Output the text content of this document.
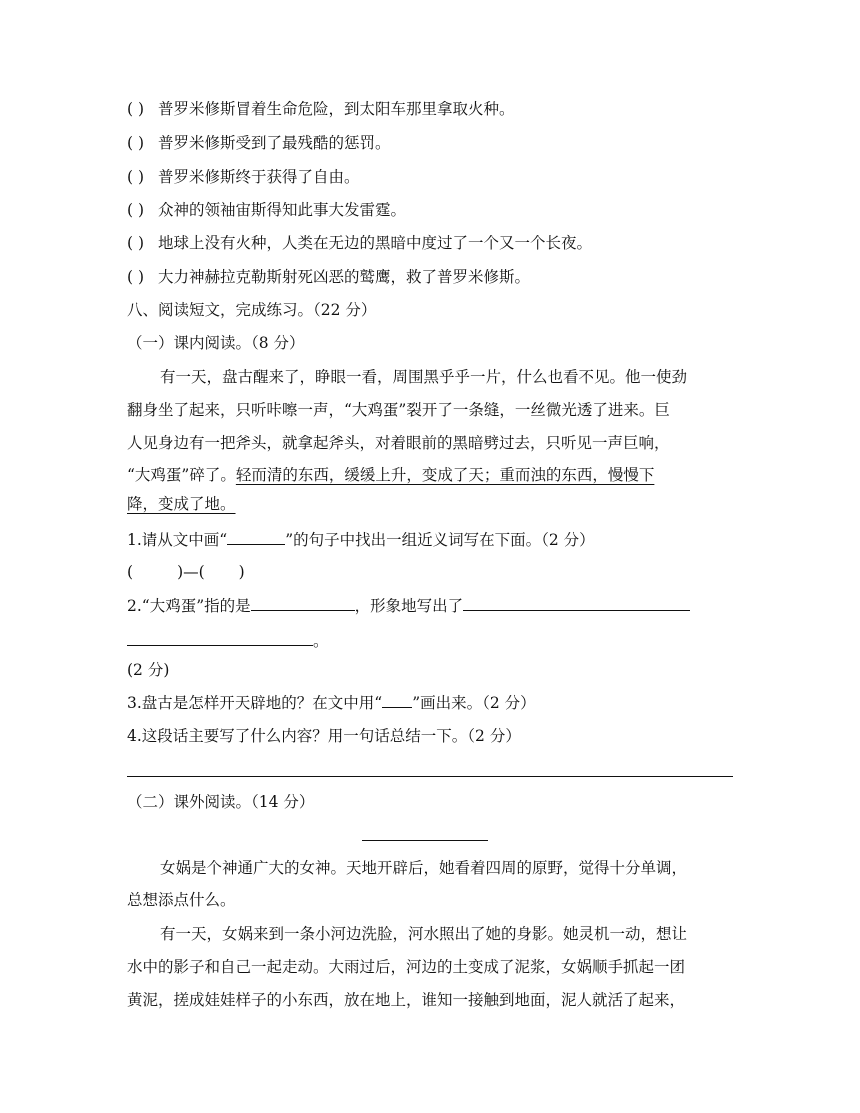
( ) 普罗米修斯冒着生命危险，到太阳车那里拿取火种。
( ) 普罗米修斯受到了最残酷的惩罚。
( ) 普罗米修斯终于获得了自由。
( ) 众神的领袖宙斯得知此事大发雷霆。
( ) 地球上没有火种，人类在无边的黑暗中度过了一个又一个长夜。
( ) 大力神赫拉克勒斯射死凶恶的鹫鹰，救了普罗米修斯。
八、阅读短文，完成练习。（22 分）
（一）课内阅读。（8 分）
有一天，盘古醒来了，睁眼一看，周围黑乎乎一片，什么也看不见。他一使劲
翻身坐了起来，只听咔嚓一声，“大鸡蛋”裂开了一条缝，一丝微光透了进来。巨
人见身边有一把斧头，就拿起斧头，对着眼前的黑暗劈过去，只听见一声巨响，
“大鸡蛋”碎了。轻而清的东西，缓缓上升，变成了天；重而浊的东西，慢慢下
降，变成了地。
1.请从文中画“	”的句子中找出一组近义词写在下面。（2 分）
(	)—( )
2.“大鸡蛋”指的是	，形象地写出了
。
(2 分)
3.盘古是怎样开天辟地的？在文中用“ ”画出来。（2 分）
4.这段话主要写了什么内容？用一句话总结一下。（2 分）
（二）课外阅读。（14 分）
女娲是个神通广大的女神。天地开辟后，她看着四周的原野，觉得十分单调，
总想添点什么。
有一天，女娲来到一条小河边洗脸，河水照出了她的身影。她灵机一动，想让
水中的影子和自己一起走动。大雨过后，河边的土变成了泥浆，女娲顺手抓起一团
黄泥，搓成娃娃样子的小东西，放在地上，谁知一接触到地面，泥人就活了起来，
